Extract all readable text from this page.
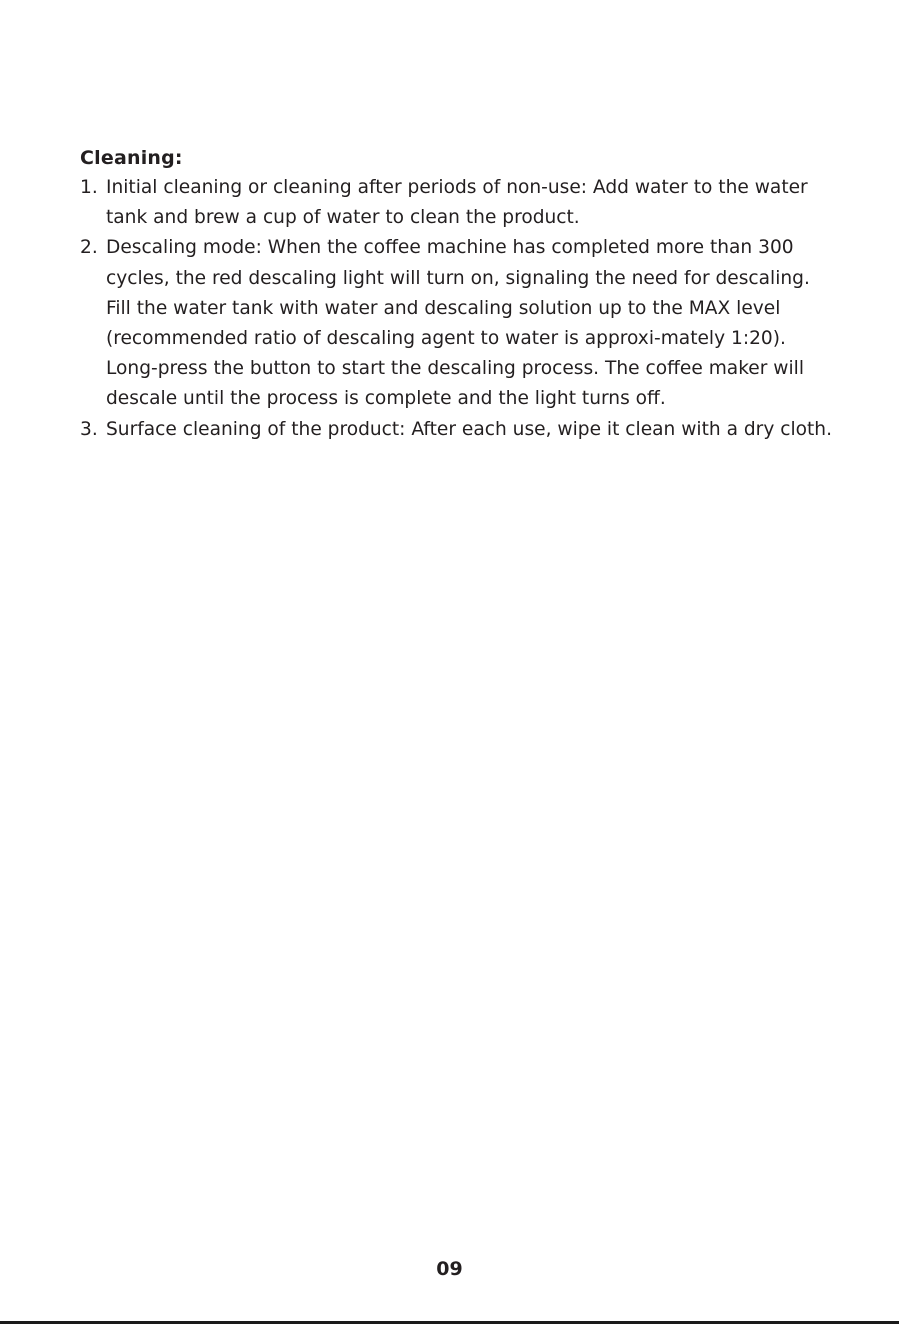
Cleaning:
1. Initial cleaning or cleaning after periods of non-use: Add water to the water tank and brew a cup of water to clean the product.
2. Descaling mode: When the coffee machine has completed more than 300 cycles, the red descaling light will turn on, signaling the need for descaling. Fill the water tank with water and descaling solution up to the MAX level (recommended ratio of descaling agent to water is approxi-mately 1:20). Long-press the button to start the descaling process. The coffee maker will descale until the process is complete and the light turns off.
3. Surface cleaning of the product: After each use, wipe it clean with a dry cloth.
09
